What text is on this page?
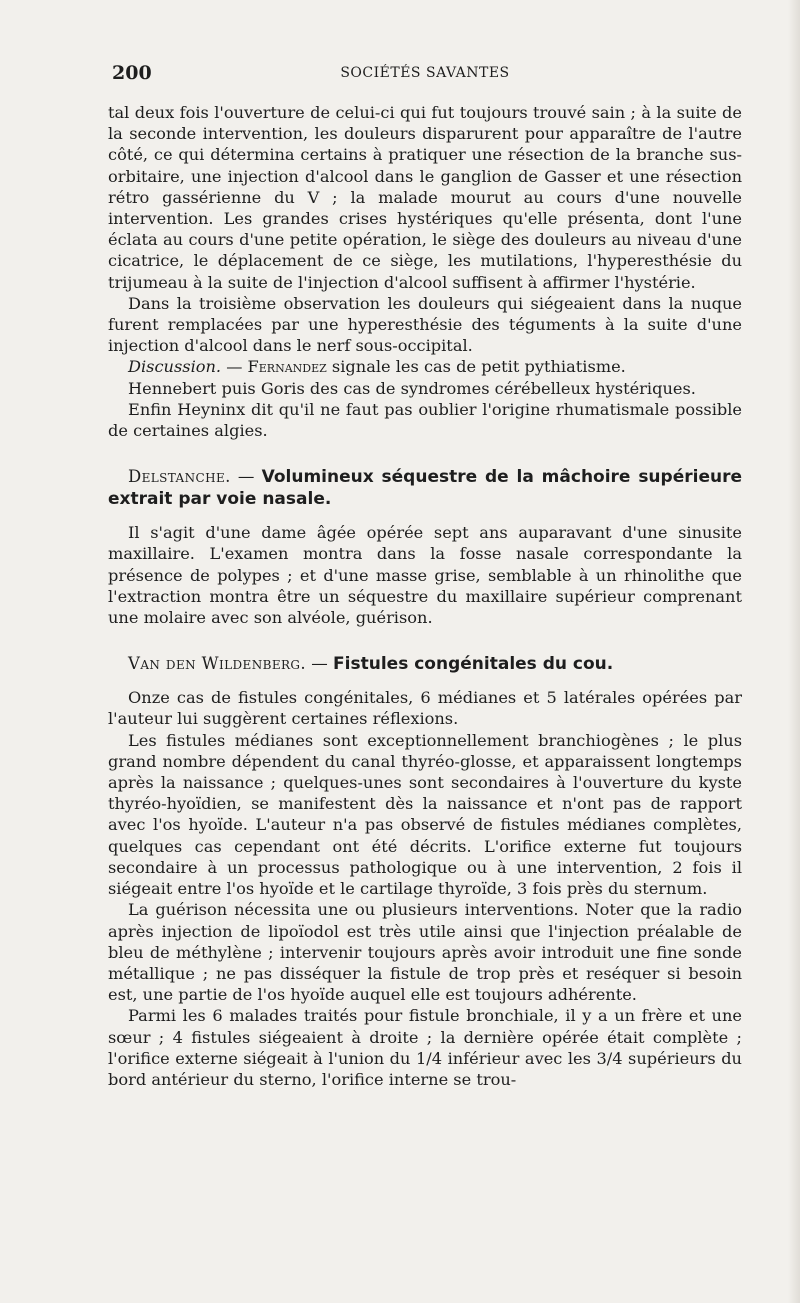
200	SOCIÉTÉS SAVANTES

tal deux fois l'ouverture de celui-ci qui fut toujours trouvé sain ; à la suite de la seconde intervention, les douleurs disparurent pour apparaître de l'autre côté, ce qui détermina certains à pratiquer une résection de la branche sus-orbitaire, une injection d'alcool dans le ganglion de Gasser et une résection rétro gassérienne du V ; la malade mourut au cours d'une nouvelle intervention. Les grandes crises hystériques qu'elle présenta, dont l'une éclata au cours d'une petite opération, le siège des douleurs au niveau d'une cicatrice, le déplacement de ce siège, les mutilations, l'hyperesthésie du trijumeau à la suite de l'injection d'alcool suffisent à affirmer l'hystérie.

Dans la troisième observation les douleurs qui siégeaient dans la nuque furent remplacées par une hyperesthésie des téguments à la suite d'une injection d'alcool dans le nerf sous-occipital.

Discussion. — Fernandez signale les cas de petit pythiatisme.

Hennebert puis Goris des cas de syndromes cérébelleux hystériques.

Enfin Heyninx dit qu'il ne faut pas oublier l'origine rhumatismale possible de certaines algies.

Delstanche. — Volumineux séquestre de la mâchoire supérieure extrait par voie nasale.

Il s'agit d'une dame âgée opérée sept ans auparavant d'une sinusite maxillaire. L'examen montra dans la fosse nasale correspondante la présence de polypes ; et d'une masse grise, semblable à un rhinolithe que l'extraction montra être un séquestre du maxillaire supérieur comprenant une molaire avec son alvéole, guérison.

Van den Wildenberg. — Fistules congénitales du cou.

Onze cas de fistules congénitales, 6 médianes et 5 latérales opérées par l'auteur lui suggèrent certaines réflexions.

Les fistules médianes sont exceptionnellement branchiogènes ; le plus grand nombre dépendent du canal thyréo-glosse, et apparaissent longtemps après la naissance ; quelques-unes sont secondaires à l'ouverture du kyste thyréo-hyoïdien, se manifestent dès la naissance et n'ont pas de rapport avec l'os hyoïde. L'auteur n'a pas observé de fistules médianes complètes, quelques cas cependant ont été décrits. L'orifice externe fut toujours secondaire à un processus pathologique ou à une intervention, 2 fois il siégeait entre l'os hyoïde et le cartilage thyroïde, 3 fois près du sternum.

La guérison nécessita une ou plusieurs interventions. Noter que la radio après injection de lipoïodol est très utile ainsi que l'injection préalable de bleu de méthylène ; intervenir toujours après avoir introduit une fine sonde métallique ; ne pas disséquer la fistule de trop près et reséquer si besoin est, une partie de l'os hyoïde auquel elle est toujours adhérente.

Parmi les 6 malades traités pour fistule bronchiale, il y a un frère et une sœur ; 4 fistules siégeaient à droite ; la dernière opérée était complète ; l'orifice externe siégeait à l'union du 1/4 inférieur avec les 3/4 supérieurs du bord antérieur du sterno, l'orifice interne se trou-
